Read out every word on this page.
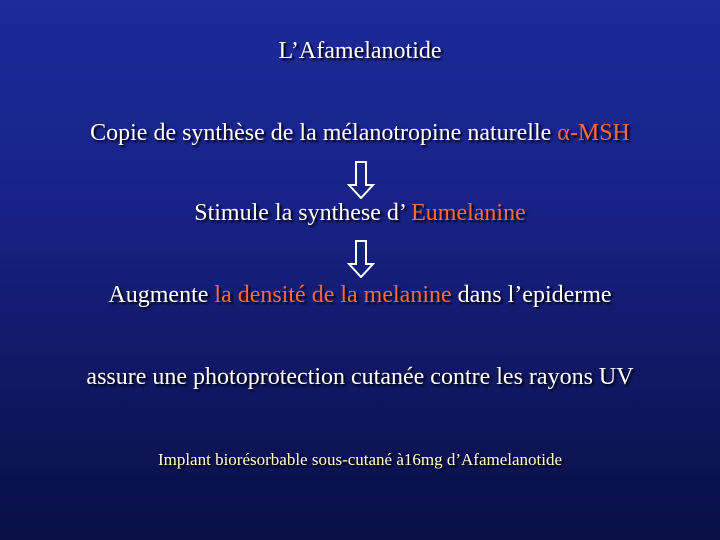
L’Afamelanotide
Copie de synthèse de la mélanotropine naturelle α-MSH
Stimule la synthese d’ Eumelanine
Augmente la densité de la melanine dans l’epiderme
assure une photoprotection cutanée contre les rayons UV
Implant biorésorbable sous-cutané à16mg d’Afamelanotide
